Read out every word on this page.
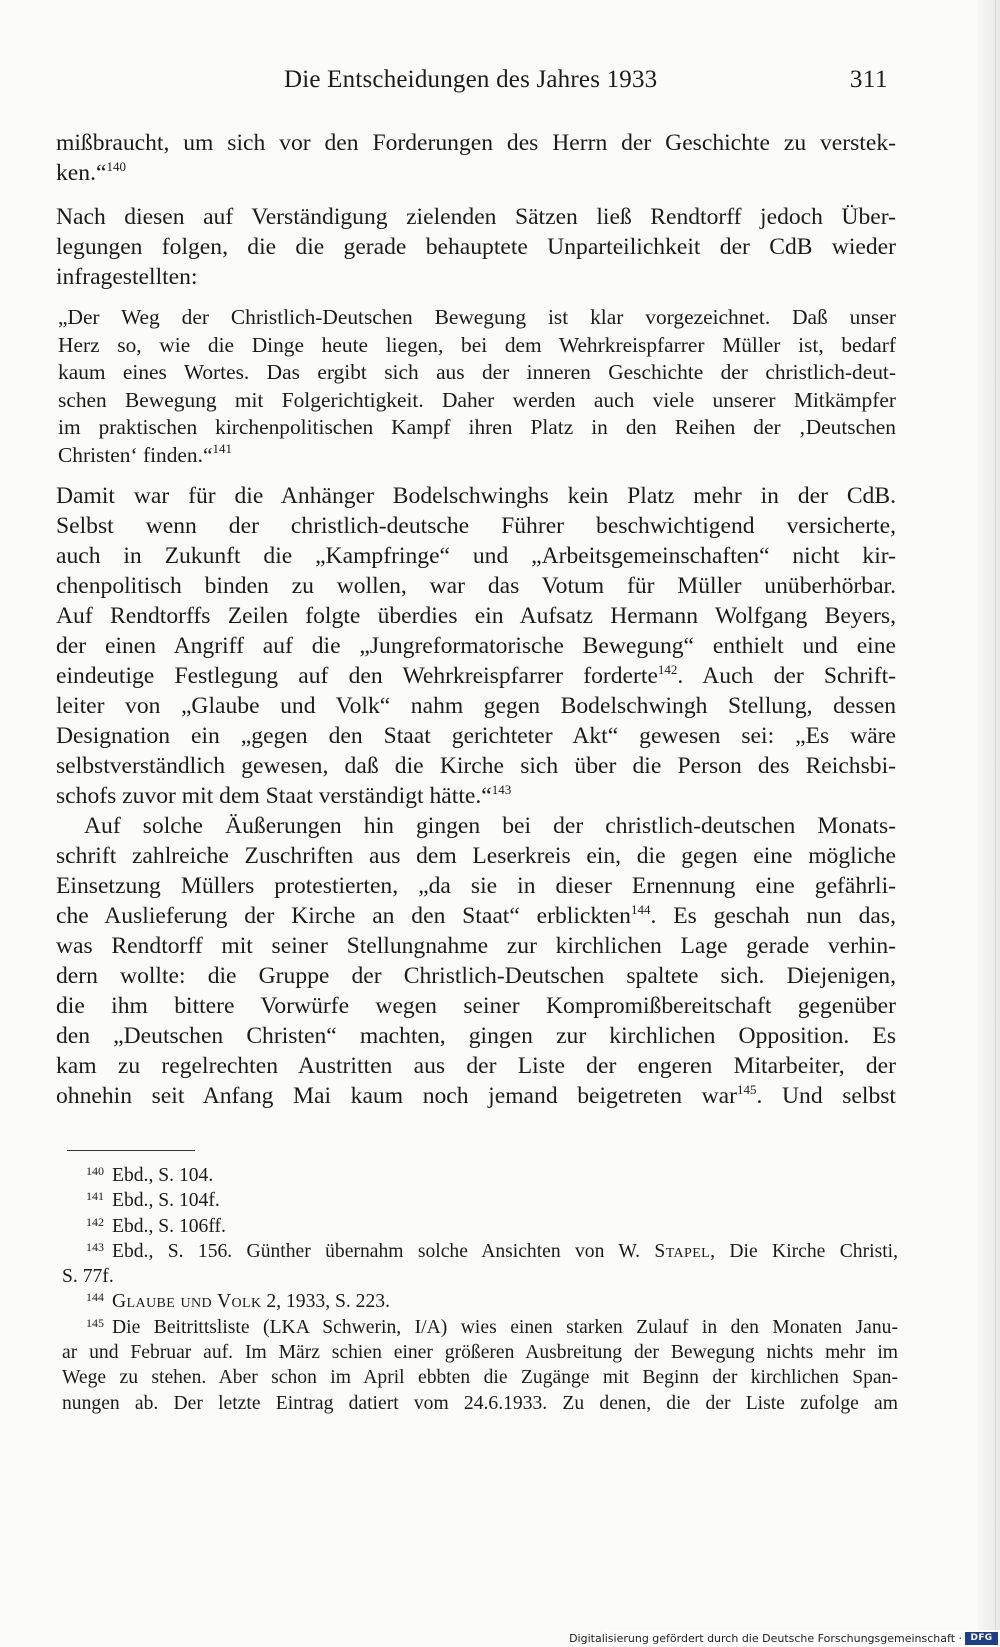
Die Entscheidungen des Jahres 1933	311

mißbraucht, um sich vor den Forderungen des Herrn der Geschichte zu verstek-
ken.“$^{140}$

Nach diesen auf Verständigung zielenden Sätzen ließ Rendtorff jedoch Über-
legungen folgen, die die gerade behauptete Unparteilichkeit der CdB wieder
infragestellten:

„Der Weg der Christlich-Deutschen Bewegung ist klar vorgezeichnet. Daß unser
Herz so, wie die Dinge heute liegen, bei dem Wehrkreispfarrer Müller ist, bedarf
kaum eines Wortes. Das ergibt sich aus der inneren Geschichte der christlich-deut-
schen Bewegung mit Folgerichtigkeit. Daher werden auch viele unserer Mitkämpfer
im praktischen kirchenpolitischen Kampf ihren Platz in den Reihen der ‚Deutschen
Christen‘ finden.“$^{141}$

Damit war für die Anhänger Bodelschwinghs kein Platz mehr in der CdB.
Selbst wenn der christlich-deutsche Führer beschwichtigend versicherte,
auch in Zukunft die „Kampfringe“ und „Arbeitsgemeinschaften“ nicht kir-
chenpolitisch binden zu wollen, war das Votum für Müller unüberhörbar.
Auf Rendtorffs Zeilen folgte überdies ein Aufsatz Hermann Wolfgang Beyers,
der einen Angriff auf die „Jungreformatorische Bewegung“ enthielt und eine
eindeutige Festlegung auf den Wehrkreispfarrer forderte$^{142}$. Auch der Schrift-
leiter von „Glaube und Volk“ nahm gegen Bodelschwingh Stellung, dessen
Designation ein „gegen den Staat gerichteter Akt“ gewesen sei: „Es wäre
selbstverständlich gewesen, daß die Kirche sich über die Person des Reichsbi-
schofs zuvor mit dem Staat verständigt hätte.“$^{143}$

Auf solche Äußerungen hin gingen bei der christlich-deutschen Monats-
schrift zahlreiche Zuschriften aus dem Leserkreis ein, die gegen eine mögliche
Einsetzung Müllers protestierten, „da sie in dieser Ernennung eine gefährli-
che Auslieferung der Kirche an den Staat“ erblickten$^{144}$. Es geschah nun das,
was Rendtorff mit seiner Stellungnahme zur kirchlichen Lage gerade verhin-
dern wollte: die Gruppe der Christlich-Deutschen spaltete sich. Diejenigen,
die ihm bittere Vorwürfe wegen seiner Kompromißbereitschaft gegenüber
den „Deutschen Christen“ machten, gingen zur kirchlichen Opposition. Es
kam zu regelrechten Austritten aus der Liste der engeren Mitarbeiter, der
ohnehin seit Anfang Mai kaum noch jemand beigetreten war$^{145}$. Und selbst

$^{140}$ Ebd., S. 104.
$^{141}$ Ebd., S. 104f.
$^{142}$ Ebd., S. 106ff.
$^{143}$ Ebd., S. 156. Günther übernahm solche Ansichten von W. Stapel, Die Kirche Christi,
S. 77f.
$^{144}$ Glaube und Volk 2, 1933, S. 223.
$^{145}$ Die Beitrittsliste (LKA Schwerin, I/A) wies einen starken Zulauf in den Monaten Janu-
ar und Februar auf. Im März schien einer größeren Ausbreitung der Bewegung nichts mehr im
Wege zu stehen. Aber schon im April ebbten die Zugänge mit Beginn der kirchlichen Span-
nungen ab. Der letzte Eintrag datiert vom 24.6.1933. Zu denen, die der Liste zufolge am
Digitalisierung gefördert durch die Deutsche Forschungsgemeinschaft · DFG
